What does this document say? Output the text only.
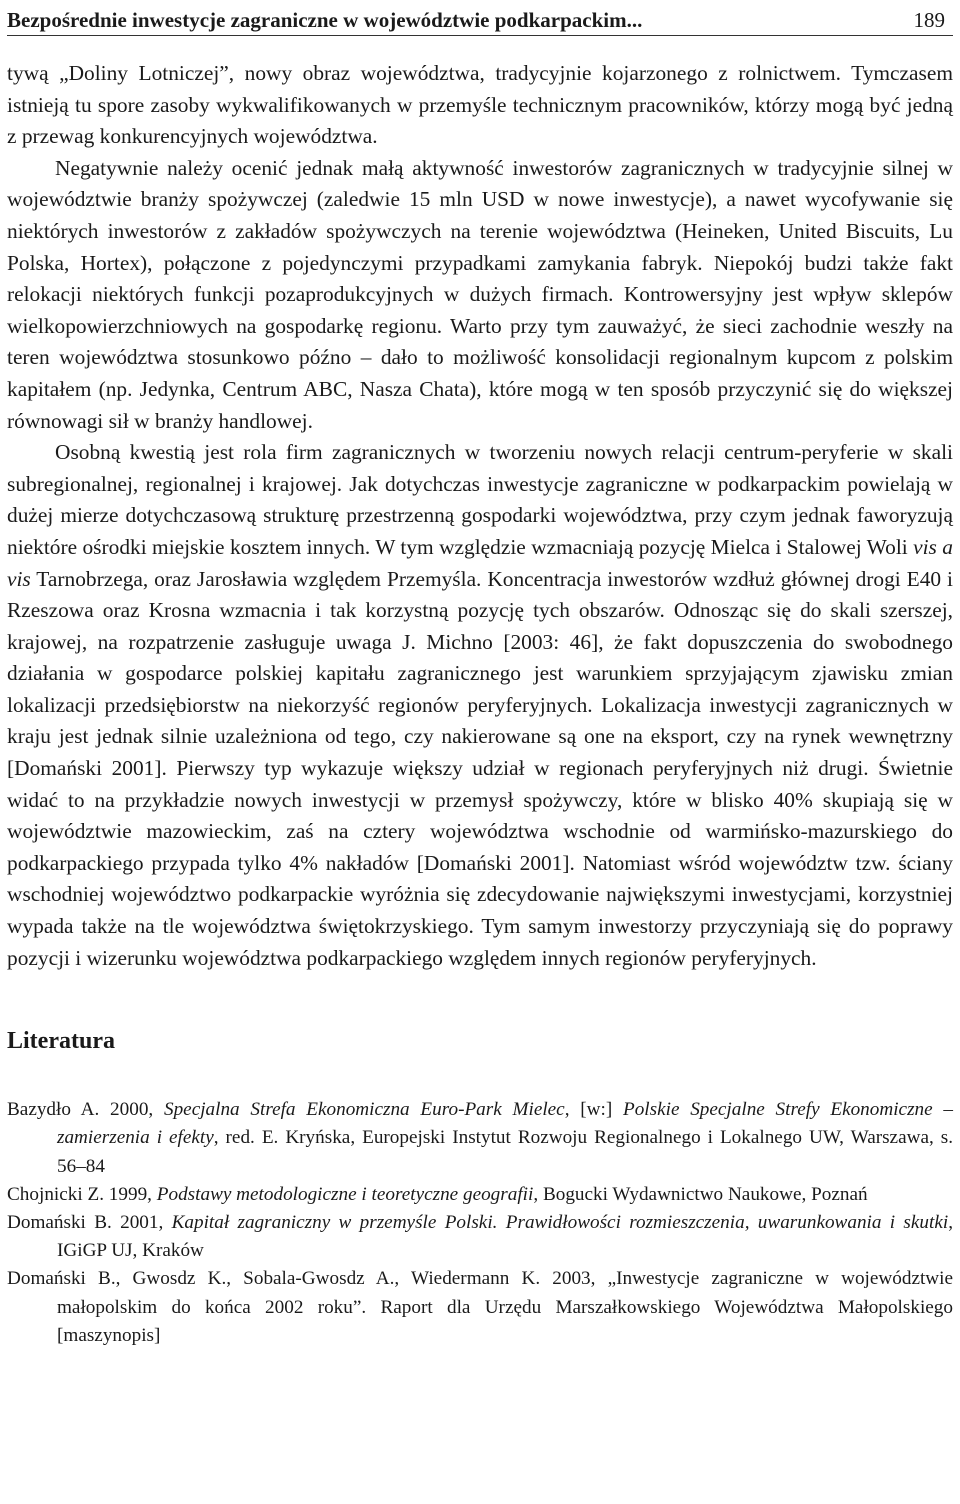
Bezpośrednie inwestycje zagraniczne w województwie podkarpackim...	189

tywą „Doliny Lotniczej”, nowy obraz województwa, tradycyjnie kojarzonego z rolnictwem. Tymczasem istnieją tu spore zasoby wykwalifikowanych w przemyśle technicznym pracowników, którzy mogą być jedną z przewag konkurencyjnych województwa.

Negatywnie należy ocenić jednak małą aktywność inwestorów zagranicznych w tradycyjnie silnej w województwie branży spożywczej (zaledwie 15 mln USD w nowe inwestycje), a nawet wycofywanie się niektórych inwestorów z zakładów spożywczych na terenie województwa (Heineken, United Biscuits, Lu Polska, Hortex), połączone z pojedynczymi przypadkami zamykania fabryk. Niepokój budzi także fakt relokacji niektórych funkcji pozaprodukcyjnych w dużych firmach. Kontrowersyjny jest wpływ sklepów wielkopowierzchniowych na gospodarkę regionu. Warto przy tym zauważyć, że sieci zachodnie weszły na teren województwa stosunkowo późno – dało to możliwość konsolidacji regionalnym kupcom z polskim kapitałem (np. Jedynka, Centrum ABC, Nasza Chata), które mogą w ten sposób przyczynić się do większej równowagi sił w branży handlowej.

Osobną kwestią jest rola firm zagranicznych w tworzeniu nowych relacji centrum-peryferie w skali subregionalnej, regionalnej i krajowej. Jak dotychczas inwestycje zagraniczne w podkarpackim powielają w dużej mierze dotychczasową strukturę przestrzenną gospodarki województwa, przy czym jednak faworyzują niektóre ośrodki miejskie kosztem innych. W tym względzie wzmacniają pozycję Mielca i Stalowej Woli vis a vis Tarnobrzega, oraz Jarosławia względem Przemyśla. Koncentracja inwestorów wzdłuż głównej drogi E40 i Rzeszowa oraz Krosna wzmacnia i tak korzystną pozycję tych obszarów. Odnosząc się do skali szerszej, krajowej, na rozpatrzenie zasługuje uwaga J. Michno [2003: 46], że fakt dopuszczenia do swobodnego działania w gospodarce polskiej kapitału zagranicznego jest warunkiem sprzyjającym zjawisku zmian lokalizacji przedsiębiorstw na niekorzyść regionów peryferyjnych. Lokalizacja inwestycji zagranicznych w kraju jest jednak silnie uzależniona od tego, czy nakierowane są one na eksport, czy na rynek wewnętrzny [Domański 2001]. Pierwszy typ wykazuje większy udział w regionach peryferyjnych niż drugi. Świetnie widać to na przykładzie nowych inwestycji w przemysł spożywczy, które w blisko 40% skupiają się w województwie mazowieckim, zaś na cztery województwa wschodnie od warmińsko-mazurskiego do podkarpackiego przypada tylko 4% nakładów [Domański 2001]. Natomiast wśród województw tzw. ściany wschodniej województwo podkarpackie wyróżnia się zdecydowanie największymi inwestycjami, korzystniej wypada także na tle województwa świętokrzyskiego. Tym samym inwestorzy przyczyniają się do poprawy pozycji i wizerunku województwa podkarpackiego względem innych regionów peryferyjnych.

Literatura

Bazydło A. 2000, Specjalna Strefa Ekonomiczna Euro-Park Mielec, [w:] Polskie Specjalne Strefy Ekonomiczne – zamierzenia i efekty, red. E. Kryńska, Europejski Instytut Rozwoju Regionalnego i Lokalnego UW, Warszawa, s. 56–84

Chojnicki Z. 1999, Podstawy metodologiczne i teoretyczne geografii, Bogucki Wydawnictwo Naukowe, Poznań

Domański B. 2001, Kapitał zagraniczny w przemyśle Polski. Prawidłowości rozmieszczenia, uwarunkowania i skutki, IGiGP UJ, Kraków

Domański B., Gwosdz K., Sobala-Gwosdz A., Wiedermann K. 2003, „Inwestycje zagraniczne w województwie małopolskim do końca 2002 roku”. Raport dla Urzędu Marszałkowskiego Województwa Małopolskiego [maszynopis]
